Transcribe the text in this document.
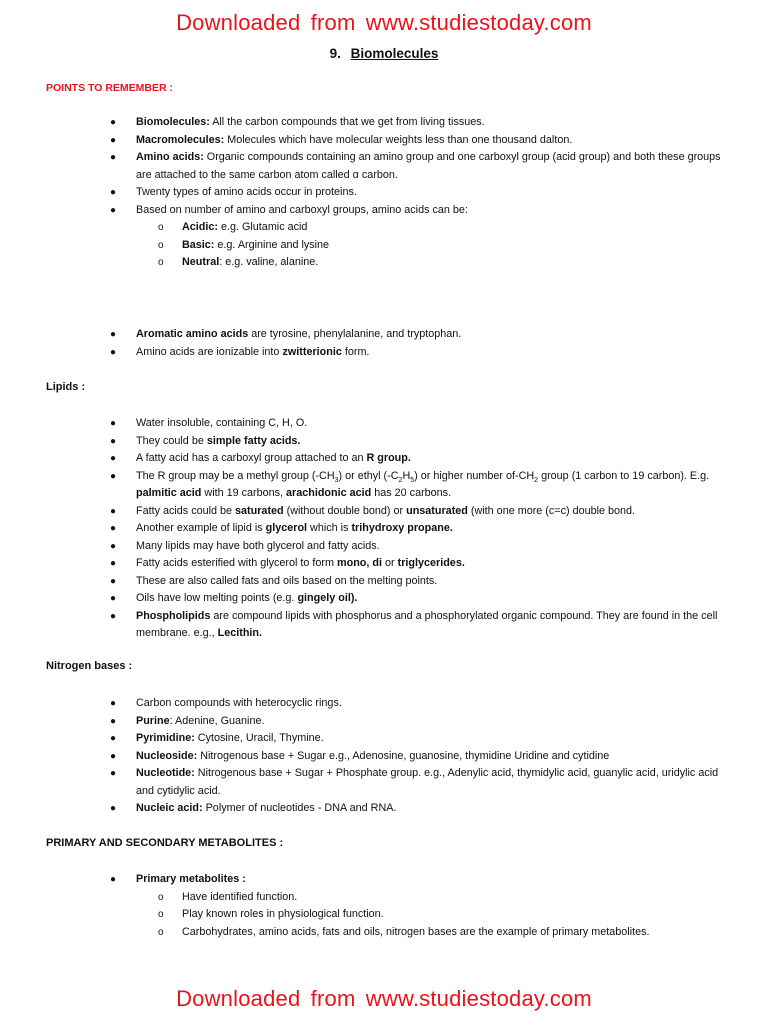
Downloaded from www.studiestoday.com
9. Biomolecules
POINTS TO REMEMBER :
● Biomolecules: All the carbon compounds that we get from living tissues.
● Macromolecules: Molecules which have molecular weights less than one thousand dalton.
● Amino acids: Organic compounds containing an amino group and one carboxyl group (acid group) and both these groups are attached to the same carbon atom called α carbon.
● Twenty types of amino acids occur in proteins.
● Based on number of amino and carboxyl groups, amino acids can be:
o Acidic: e.g. Glutamic acid
o Basic: e.g. Arginine and lysine
o Neutral: e.g. valine, alanine.
● Aromatic amino acids are tyrosine, phenylalanine, and tryptophan.
● Amino acids are ionizable into zwitterionic form.
Lipids :
● Water insoluble, containing C, H, O.
● They could be simple fatty acids.
● A fatty acid has a carboxyl group attached to an R group.
● The R group may be a methyl group $(-CH_3)$ or ethyl $(-C_2H_5)$ or higher number $of-CH_2$ group (1 carbon to 19 carbon). E.g. palmitic acid with 19 carbons, arachidonic acid has 20 carbons.
● Fatty acids could be saturated (without double bond) or unsaturated (with one more (c=c) double bond.
● Another example of lipid is glycerol which is trihydroxy propane.
● Many lipids may have both glycerol and fatty acids.
● Fatty acids esterified with glycerol to form mono, di or triglycerides.
● These are also called fats and oils based on the melting points.
● Oils have low melting points (e.g. gingely oil).
● Phospholipids are compound lipids with phosphorus and a phosphorylated organic compound. They are found in the cell membrane. e.g., Lecithin.
Nitrogen bases :
● Carbon compounds with heterocyclic rings.
● Purine: Adenine, Guanine.
● Pyrimidine: Cytosine, Uracil, Thymine.
● Nucleoside: Nitrogenous base + Sugar e.g., Adenosine, guanosine, thymidine Uridine and cytidine
● Nucleotide: Nitrogenous base + Sugar + Phosphate group. e.g., Adenylic acid, thymidylic acid, guanylic acid, uridylic acid and cytidylic acid.
● Nucleic acid: Polymer of nucleotides - DNA and RNA.
PRIMARY AND SECONDARY METABOLITES :
● Primary metabolites :
o Have identified function.
o Play known roles in physiological function.
o Carbohydrates, amino acids, fats and oils, nitrogen bases are the example of primary metabolites.
Downloaded from www.studiestoday.com
